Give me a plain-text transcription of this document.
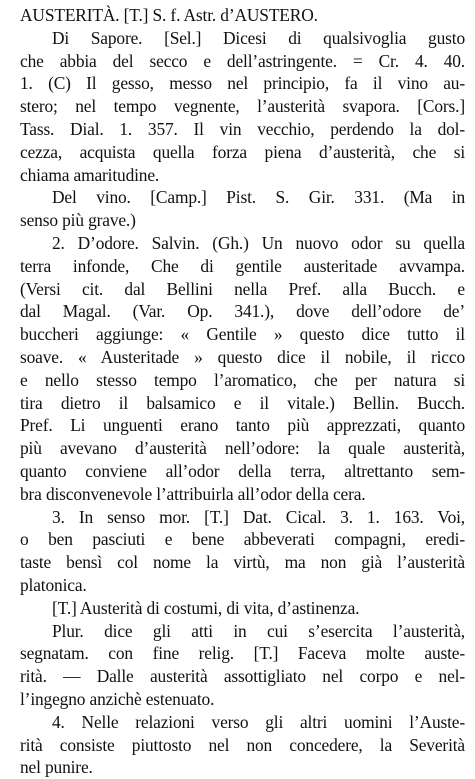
AUSTERITÀ. [T.] S. f. Astr. d’AUSTERO.
Di Sapore. [Sel.] Dicesi di qualsivoglia gusto
che abbia del secco e dell’astringente. = Cr. 4. 40.
1. (C) Il gesso, messo nel principio, fa il vino au-
stero; nel tempo vegnente, l’austerità svapora. [Cors.]
Tass. Dial. 1. 357. Il vin vecchio, perdendo la dol-
cezza, acquista quella forza piena d’austerità, che si
chiama amaritudine.
Del vino. [Camp.] Pist. S. Gir. 331. (Ma in
senso più grave.)
2. D’odore. Salvin. (Gh.) Un nuovo odor su quella
terra infonde, Che di gentile austeritade avvampa.
(Versi cit. dal Bellini nella Pref. alla Bucch. e
dal Magal. (Var. Op. 341.), dove dell’odore de’
buccheri aggiunge: « Gentile » questo dice tutto il
soave. « Austeritade » questo dice il nobile, il ricco
e nello stesso tempo l’aromatico, che per natura si
tira dietro il balsamico e il vitale.) Bellin. Bucch.
Pref. Li unguenti erano tanto più apprezzati, quanto
più avevano d’austerità nell’odore: la quale austerità,
quanto conviene all’odor della terra, altrettanto sem-
bra disconvenevole l’attribuirla all’odor della cera.
3. In senso mor. [T.] Dat. Cical. 3. 1. 163. Voi,
o ben pasciuti e bene abbeverati compagni, eredi-
taste bensì col nome la virtù, ma non già l’austerità
platonica.
[T.] Austerità di costumi, di vita, d’astinenza.
Plur. dice gli atti in cui s’esercita l’austerità,
segnatam. con fine relig. [T.] Faceva molte auste-
rità. — Dalle austerità assottigliato nel corpo e nel-
l’ingegno anzichè estenuato.
4. Nelle relazioni verso gli altri uomini l’Auste-
rità consiste piuttosto nel non concedere, la Severità
nel punire.
